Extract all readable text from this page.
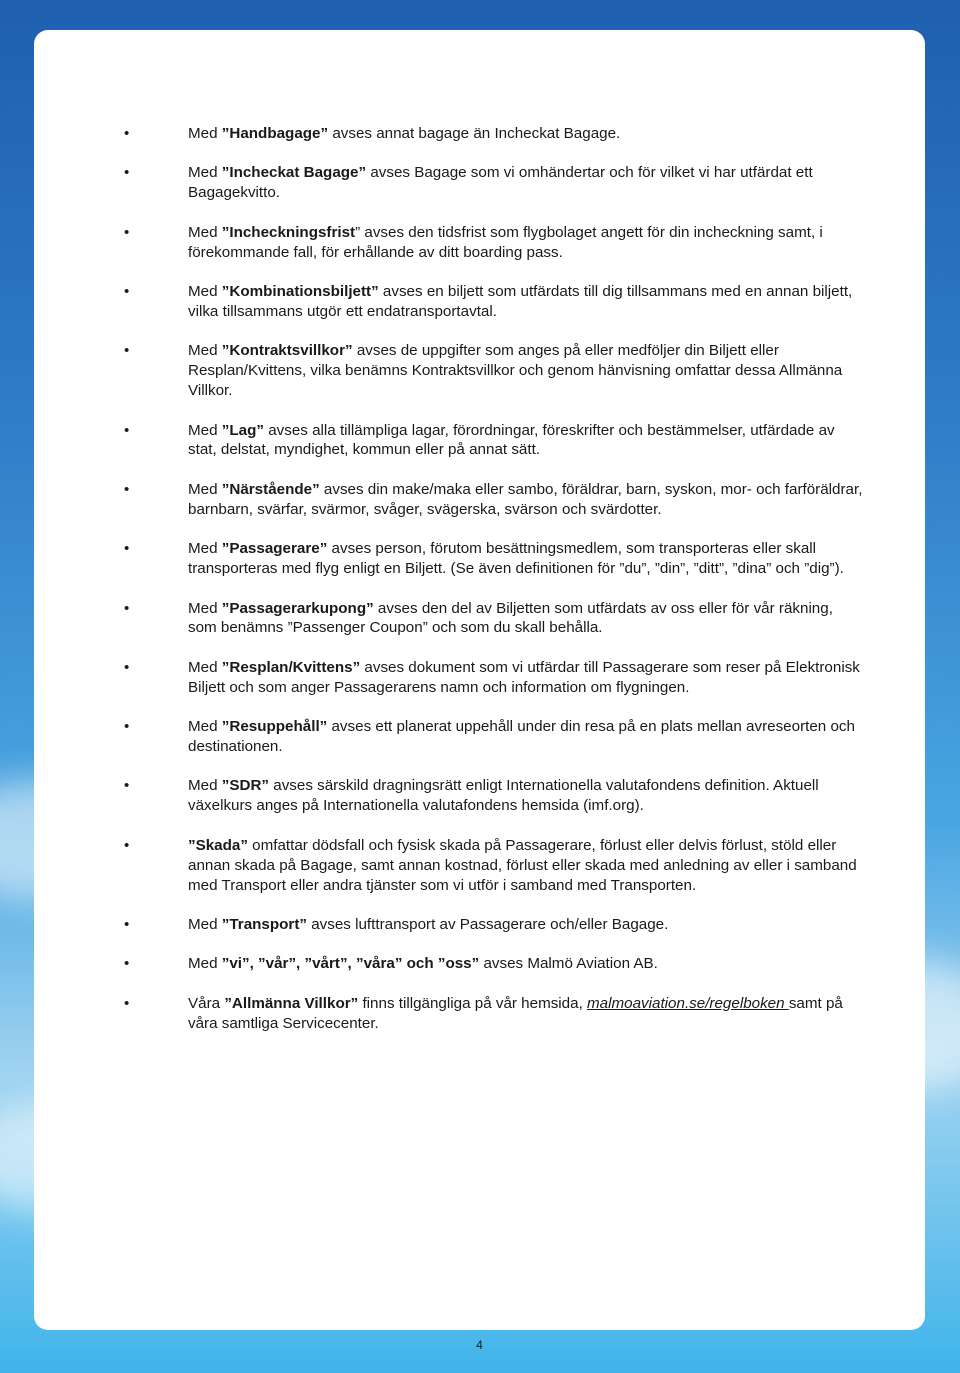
•	Med ”Handbagage” avses annat bagage än Incheckat Bagage.
•	Med ”Incheckat Bagage” avses Bagage som vi omhändertar och för vilket vi har utfärdat ett Bagagekvitto.
•	Med ”Incheckningsfrist” avses den tidsfrist som flygbolaget angett för din incheckning samt, i förekommande fall, för erhållande av ditt boarding pass.
•	Med ”Kombinationsbiljett” avses en biljett som utfärdats till dig tillsammans med en annan biljett, vilka tillsammans utgör ett endatransportavtal.
•	Med ”Kontraktsvillkor” avses de uppgifter som anges på eller medföljer din Biljett eller Resplan/Kvittens, vilka benämns Kontraktsvillkor och genom hänvisning omfattar dessa Allmänna Villkor.
•	Med ”Lag” avses alla tillämpliga lagar, förordningar, föreskrifter och bestämmelser, utfärdade av stat, delstat, myndighet, kommun eller på annat sätt.
•	Med ”Närstående” avses din make/maka eller sambo, föräldrar, barn, syskon, mor- och farföräldrar, barnbarn, svärfar, svärmor, svåger, svägerska, svärson och svärdotter.
•	Med ”Passagerare” avses person, förutom besättningsmedlem, som transporteras eller skall transporteras med flyg enligt en Biljett. (Se även definitionen för ”du”, ”din”, ”ditt”, ”dina” och ”dig”).
•	Med ”Passagerarkupong” avses den del av Biljetten som utfärdats av oss eller för vår räkning, som benämns ”Passenger Coupon” och som du skall behålla.
•	Med ”Resplan/Kvittens” avses dokument som vi utfärdar till Passagerare som reser på Elektronisk Biljett och som anger Passagerarens namn och information om flygningen.
•	Med ”Resuppehåll” avses ett planerat uppehåll under din resa på en plats mellan avreseorten och destinationen.
•	Med ”SDR” avses särskild dragningsrätt enligt Internationella valutafondens definition. Aktuell växelkurs anges på Internationella valutafondens hemsida (imf.org).
•	”Skada” omfattar dödsfall och fysisk skada på Passagerare, förlust eller delvis förlust, stöld eller annan skada på Bagage, samt annan kostnad, förlust eller skada med anledning av eller i samband med Transport eller andra tjänster som vi utför i samband med Transporten.
•	Med ”Transport” avses lufttransport av Passagerare och/eller Bagage.
•	Med ”vi”, ”vår”, ”vårt”, ”våra” och ”oss” avses Malmö Aviation AB.
•	Våra ”Allmänna Villkor” finns tillgängliga på vår hemsida, malmoaviation.se/regelboken samt på våra samtliga Servicecenter.
4
